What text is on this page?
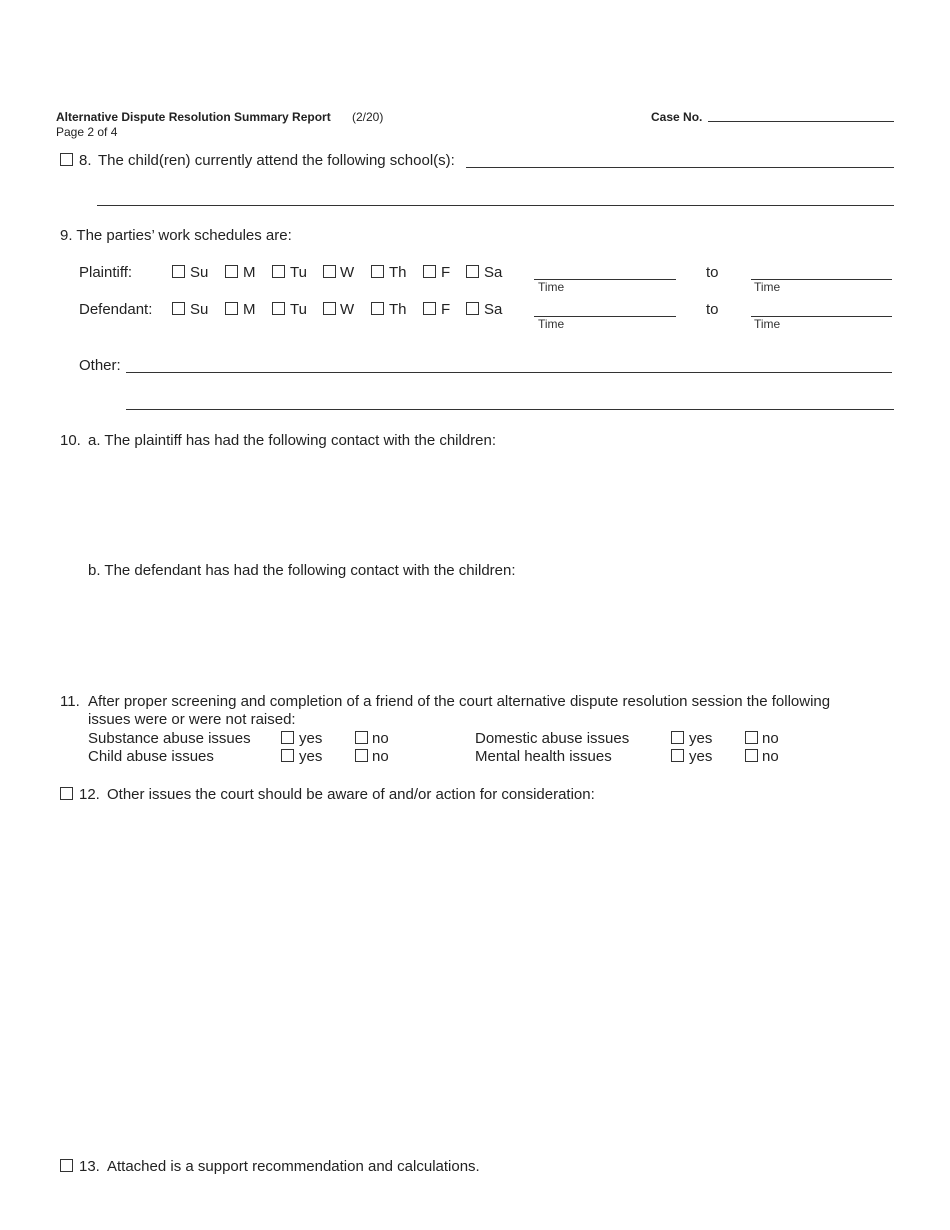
Alternative Dispute Resolution Summary Report (2/20)
Page 2 of 4
Case No.
8. The child(ren) currently attend the following school(s):
9. The parties’ work schedules are:
Plaintiff:	Su M Tu W Th F Sa
Time
to
Time
Defendant:	Su M Tu W Th F Sa
Time
to
Time
Other:
10. a. The plaintiff has had the following contact with the children:
b. The defendant has had the following contact with the children:
11. After proper screening and completion of a friend of the court alternative dispute resolution session the following
issues were or were not raised:
Substance abuse issues	yes	no
Child abuse issues	yes	no
Domestic abuse issues	yes	no
Mental health issues	yes	no
12. Other issues the court should be aware of and/or action for consideration:
13. Attached is a support recommendation and calculations.
